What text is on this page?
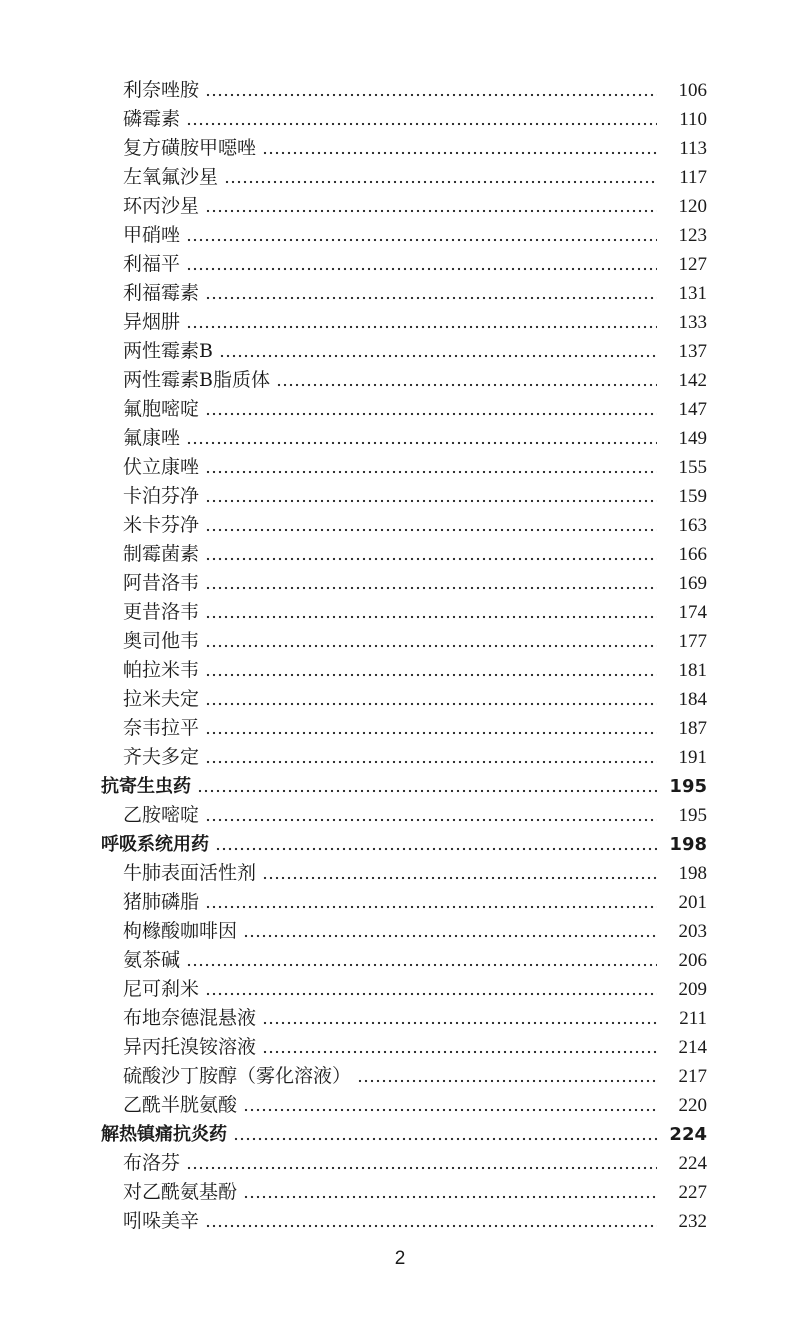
利奈唑胺	106
磷霉素	110
复方磺胺甲噁唑	113
左氧氟沙星	117
环丙沙星	120
甲硝唑	123
利福平	127
利福霉素	131
异烟肼	133
两性霉素B	137
两性霉素B脂质体	142
氟胞嘧啶	147
氟康唑	149
伏立康唑	155
卡泊芬净	159
米卡芬净	163
制霉菌素	166
阿昔洛韦	169
更昔洛韦	174
奥司他韦	177
帕拉米韦	181
拉米夫定	184
奈韦拉平	187
齐夫多定	191
抗寄生虫药	195
乙胺嘧啶	195
呼吸系统用药	198
牛肺表面活性剂	198
猪肺磷脂	201
枸橼酸咖啡因	203
氨茶碱	206
尼可刹米	209
布地奈德混悬液	211
异丙托溴铵溶液	214
硫酸沙丁胺醇（雾化溶液）	217
乙酰半胱氨酸	220
解热镇痛抗炎药	224
布洛芬	224
对乙酰氨基酚	227
吲哚美辛	232
2
